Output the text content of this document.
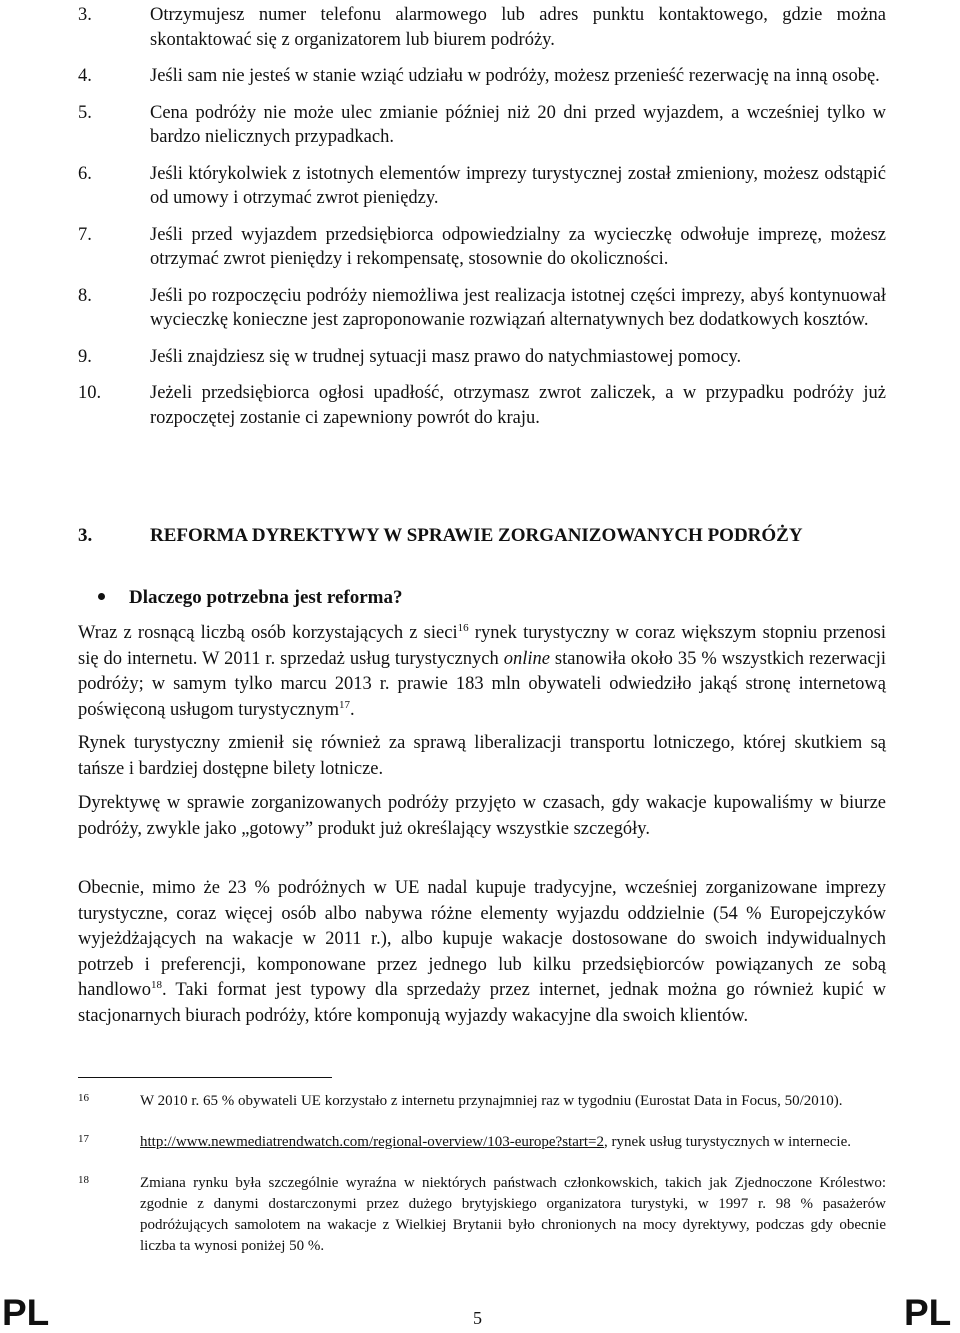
3.	Otrzymujesz numer telefonu alarmowego lub adres punktu kontaktowego, gdzie można skontaktować się z organizatorem lub biurem podróży.
4.	Jeśli sam nie jesteś w stanie wziąć udziału w podróży, możesz przenieść rezerwację na inną osobę.
5.	Cena podróży nie może ulec zmianie później niż 20 dni przed wyjazdem, a wcześniej tylko w bardzo nielicznych przypadkach.
6.	Jeśli którykolwiek z istotnych elementów imprezy turystycznej został zmieniony, możesz odstąpić od umowy i otrzymać zwrot pieniędzy.
7.	Jeśli przed wyjazdem przedsiębiorca odpowiedzialny za wycieczkę odwołuje imprezę, możesz otrzymać zwrot pieniędzy i rekompensatę, stosownie do okoliczności.
8.	Jeśli po rozpoczęciu podróży niemożliwa jest realizacja istotnej części imprezy, abyś kontynuował wycieczkę konieczne jest zaproponowanie rozwiązań alternatywnych bez dodatkowych kosztów.
9.	Jeśli znajdziesz się w trudnej sytuacji masz prawo do natychmiastowej pomocy.
10.	Jeżeli przedsiębiorca ogłosi upadłość, otrzymasz zwrot zaliczek, a w przypadku podróży już rozpoczętej zostanie ci zapewniony powrót do kraju.
3.	REFORMA DYREKTYWY W SPRAWIE ZORGANIZOWANYCH PODRÓŻY
Dlaczego potrzebna jest reforma?
Wraz z rosnącą liczbą osób korzystających z sieci$^{16}$ rynek turystyczny w coraz większym stopniu przenosi się do internetu. W 2011 r. sprzedaż usług turystycznych online stanowiła około 35 % wszystkich rezerwacji podróży; w samym tylko marcu 2013 r. prawie 183 mln obywateli odwiedziło jakąś stronę internetową poświęconą usługom turystycznym$^{17}$.
Rynek turystyczny zmienił się również za sprawą liberalizacji transportu lotniczego, której skutkiem są tańsze i bardziej dostępne bilety lotnicze.
Dyrektywę w sprawie zorganizowanych podróży przyjęto w czasach, gdy wakacje kupowaliśmy w biurze podróży, zwykle jako „gotowy” produkt już określający wszystkie szczegóły.
Obecnie, mimo że 23 % podróżnych w UE nadal kupuje tradycyjne, wcześniej zorganizowane imprezy turystyczne, coraz więcej osób albo nabywa różne elementy wyjazdu oddzielnie (54 % Europejczyków wyjeżdżających na wakacje w 2011 r.), albo kupuje wakacje dostosowane do swoich indywidualnych potrzeb i preferencji, komponowane przez jednego lub kilku przedsiębiorców powiązanych ze sobą handlowo$^{18}$. Taki format jest typowy dla sprzedaży przez internet, jednak można go również kupić w stacjonarnych biurach podróży, które komponują wyjazdy wakacyjne dla swoich klientów.
16	W 2010 r. 65 % obywateli UE korzystało z internetu przynajmniej raz w tygodniu (Eurostat Data in Focus, 50/2010).
17	http://www.newmediatrendwatch.com/regional-overview/103-europe?start=2, rynek usług turystycznych w internecie.
18	Zmiana rynku była szczególnie wyraźna w niektórych państwach członkowskich, takich jak Zjednoczone Królestwo: zgodnie z danymi dostarczonymi przez dużego brytyjskiego organizatora turystyki, w 1997 r. 98 % pasażerów podróżujących samolotem na wakacje z Wielkiej Brytanii było chronionych na mocy dyrektywy, podczas gdy obecnie liczba ta wynosi poniżej 50 %.
PL	5	PL
